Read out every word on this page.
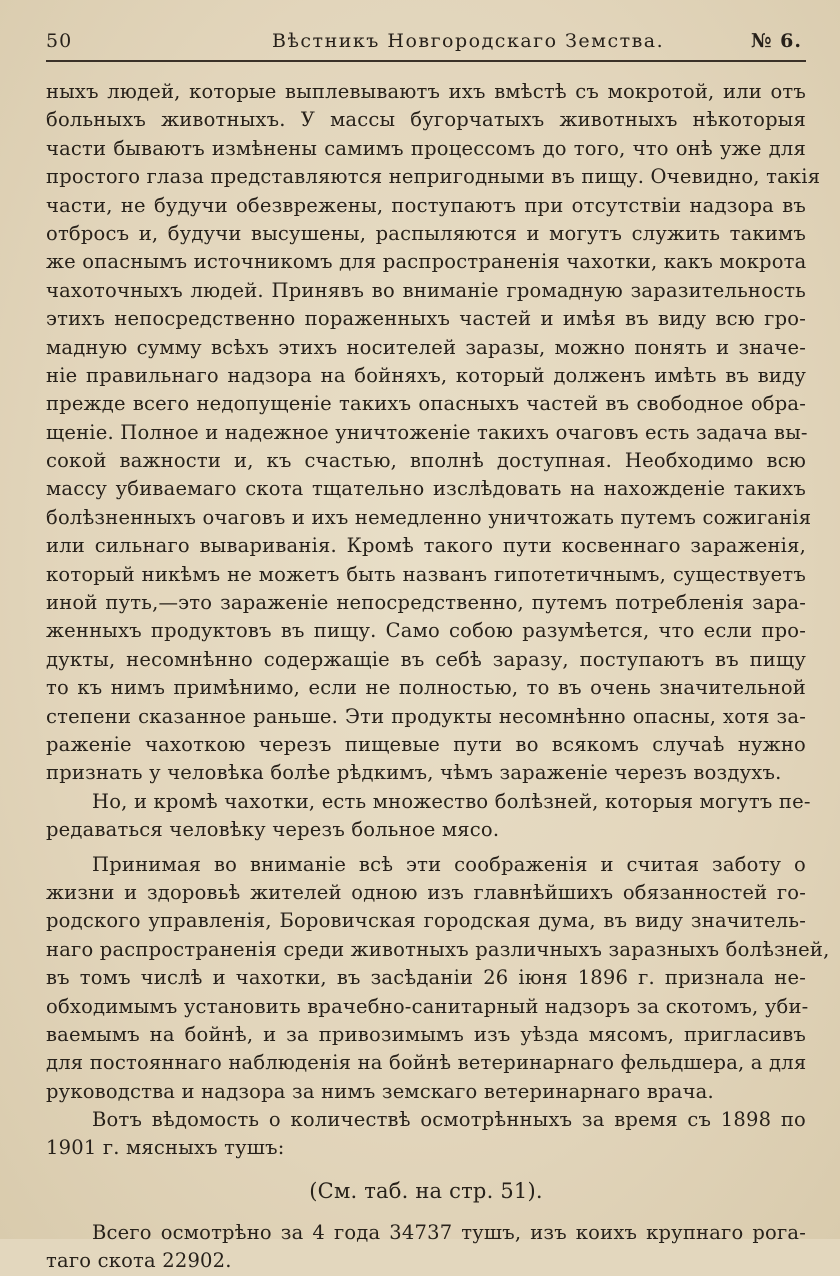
50	Вѣстникъ Новгородскаго Земства.	№ 6.
ныхъ людей, которые выплевываютъ ихъ вмѣстѣ съ мокротой, или отъ
больныхъ животныхъ. У массы бугорчатыхъ животныхъ нѣкоторыя
части бываютъ измѣнены самимъ процессомъ до того, что онѣ уже для
простого глаза представляются непригодными въ пищу. Очевидно, такія
части, не будучи обезврежены, поступаютъ при отсутствіи надзора въ
отбросъ и, будучи высушены, распыляются и могутъ служить такимъ
же опаснымъ источникомъ для распространенія чахотки, какъ мокрота
чахоточныхъ людей. Принявъ во вниманіе громадную заразительность
этихъ непосредственно пораженныхъ частей и имѣя въ виду всю гро-
мадную сумму всѣхъ этихъ носителей заразы, можно понять и значе-
ніе правильнаго надзора на бойняхъ, который долженъ имѣть въ виду
прежде всего недопущеніе такихъ опасныхъ частей въ свободное обра-
щеніе. Полное и надежное уничтоженіе такихъ очаговъ есть задача вы-
сокой важности и, къ счастью, вполнѣ доступная. Необходимо всю
массу убиваемаго скота тщательно изслѣдовать на нахожденіе такихъ
болѣзненныхъ очаговъ и ихъ немедленно уничтожать путемъ сожиганія
или сильнаго вывариванія. Кромѣ такого пути косвеннаго зараженія,
который никѣмъ не можетъ быть названъ гипотетичнымъ, существуетъ
иной путь,—это зараженіе непосредственно, путемъ потребленія зара-
женныхъ продуктовъ въ пищу. Само собою разумѣется, что если про-
дукты, несомнѣнно содержащіе въ себѣ заразу, поступаютъ въ пищу
то къ нимъ примѣнимо, если не полностью, то въ очень значительной
степени сказанное раньше. Эти продукты несомнѣнно опасны, хотя за-
раженіе чахоткою черезъ пищевые пути во всякомъ случаѣ нужно
признать у человѣка болѣе рѣдкимъ, чѣмъ зараженіе черезъ воздухъ.
Но, и кромѣ чахотки, есть множество болѣзней, которыя могутъ пе-
редаваться человѣку черезъ больное мясо.
Принимая во вниманіе всѣ эти соображенія и считая заботу о
жизни и здоровьѣ жителей одною изъ главнѣйшихъ обязанностей го-
родского управленія, Боровичская городская дума, въ виду значитель-
наго распространенія среди животныхъ различныхъ заразныхъ болѣзней,
въ томъ числѣ и чахотки, въ засѣданіи 26 іюня 1896 г. признала не-
обходимымъ установить врачебно-санитарный надзоръ за скотомъ, уби-
ваемымъ на бойнѣ, и за привозимымъ изъ уѣзда мясомъ, пригласивъ
для постояннаго наблюденія на бойнѣ ветеринарнаго фельдшера, а для
руководства и надзора за нимъ земскаго ветеринарнаго врача.
Вотъ вѣдомость о количествѣ осмотрѣнныхъ за время съ 1898 по
1901 г. мясныхъ тушъ:
(См. таб. на стр. 51).
Всего осмотрѣно за 4 года 34737 тушъ, изъ коихъ крупнаго рога-
таго скота 22902.
